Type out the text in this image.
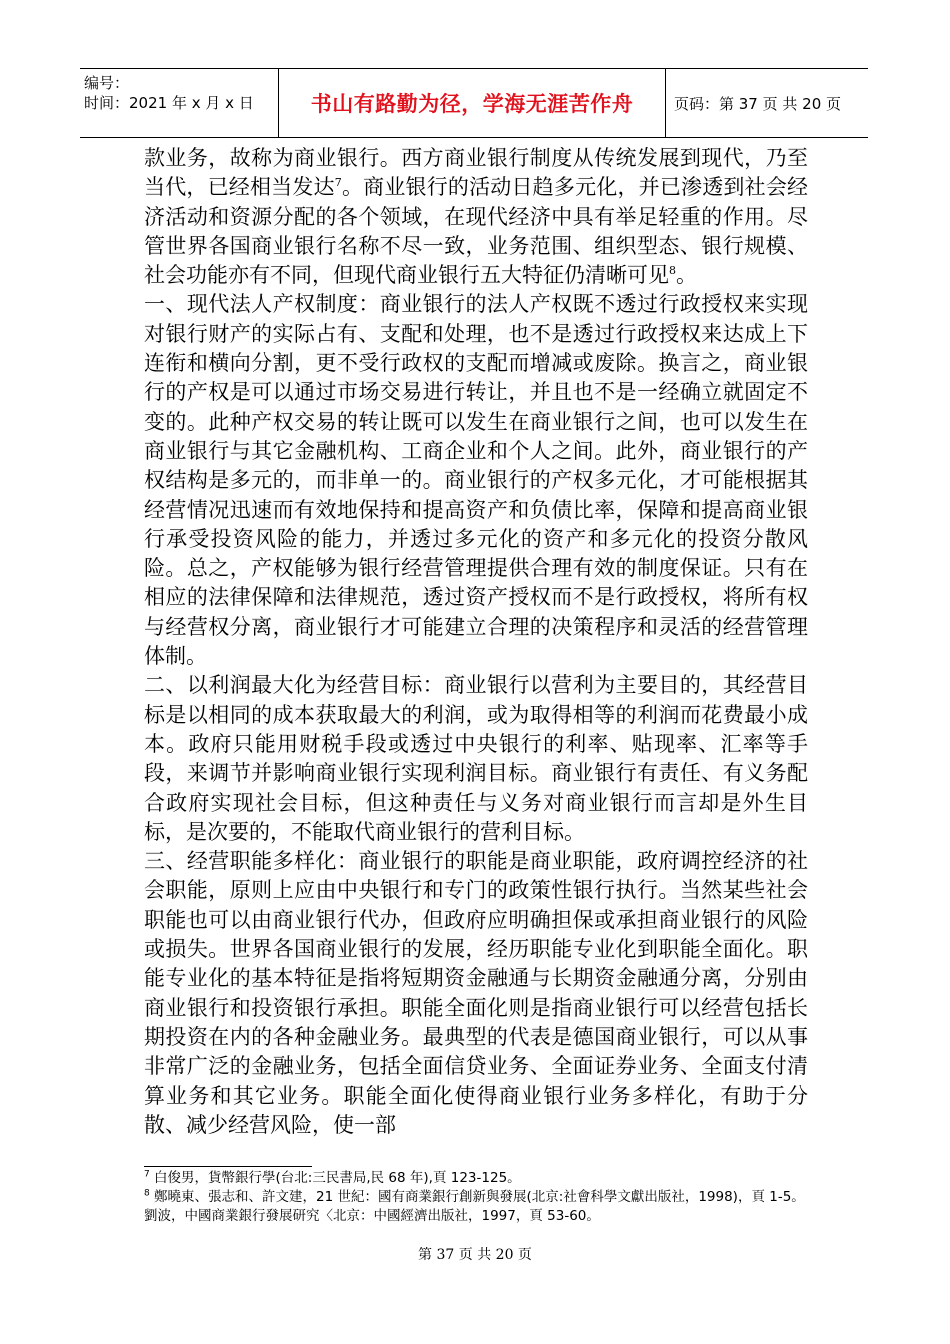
编号：
时间：2021 年 x 月 x 日	书山有路勤为径，学海无涯苦作舟	页码：第 37 页 共 20 页

款业务，故称为商业银行。西方商业银行制度从传统发展到现代，乃至当代，已经相当发达$^7$。商业银行的活动日趋多元化，并已渗透到社会经济活动和资源分配的各个领域，在现代经济中具有举足轻重的作用。尽管世界各国商业银行名称不尽一致，业务范围、组织型态、银行规模、社会功能亦有不同，但现代商业银行五大特征仍清晰可见$^8$。

一、现代法人产权制度：商业银行的法人产权既不透过行政授权来实现对银行财产的实际占有、支配和处理，也不是透过行政授权来达成上下连衔和横向分割，更不受行政权的支配而增减或废除。换言之，商业银行的产权是可以通过市场交易进行转让，并且也不是一经确立就固定不变的。此种产权交易的转让既可以发生在商业银行之间，也可以发生在商业银行与其它金融机构、工商企业和个人之间。此外，商业银行的产权结构是多元的，而非单一的。商业银行的产权多元化，才可能根据其经营情况迅速而有效地保持和提高资产和负债比率，保障和提高商业银行承受投资风险的能力，并透过多元化的资产和多元化的投资分散风险。总之，产权能够为银行经营管理提供合理有效的制度保证。只有在相应的法律保障和法律规范，透过资产授权而不是行政授权，将所有权与经营权分离，商业银行才可能建立合理的决策程序和灵活的经营管理体制。

二、以利润最大化为经营目标：商业银行以营利为主要目的，其经营目标是以相同的成本获取最大的利润，或为取得相等的利润而花费最小成本。政府只能用财税手段或透过中央银行的利率、贴现率、汇率等手段，来调节并影响商业银行实现利润目标。商业银行有责任、有义务配合政府实现社会目标，但这种责任与义务对商业银行而言却是外生目标，是次要的，不能取代商业银行的营利目标。

三、经营职能多样化：商业银行的职能是商业职能，政府调控经济的社会职能，原则上应由中央银行和专门的政策性银行执行。当然某些社会职能也可以由商业银行代办，但政府应明确担保或承担商业银行的风险或损失。世界各国商业银行的发展，经历职能专业化到职能全面化。职能专业化的基本特征是指将短期资金融通与长期资金融通分离，分别由商业银行和投资银行承担。职能全面化则是指商业银行可以经营包括长期投资在内的各种金融业务。最典型的代表是德国商业银行，可以从事非常广泛的金融业务，包括全面信贷业务、全面证券业务、全面支付清算业务和其它业务。职能全面化使得商业银行业务多样化，有助于分散、减少经营风险，使一部

$^7$ 白俊男，貨幣銀行學(台北:三民書局,民 68 年),頁 123-125。

$^8$ 鄭曉東、張志和、許文建，21 世紀：國有商業銀行創新與發展(北京:社會科學文獻出版社，1998)，頁 1-5。劉波，中國商業銀行發展研究〈北京：中國經濟出版社，1997，頁 53-60。

第 37 页 共 20 页
